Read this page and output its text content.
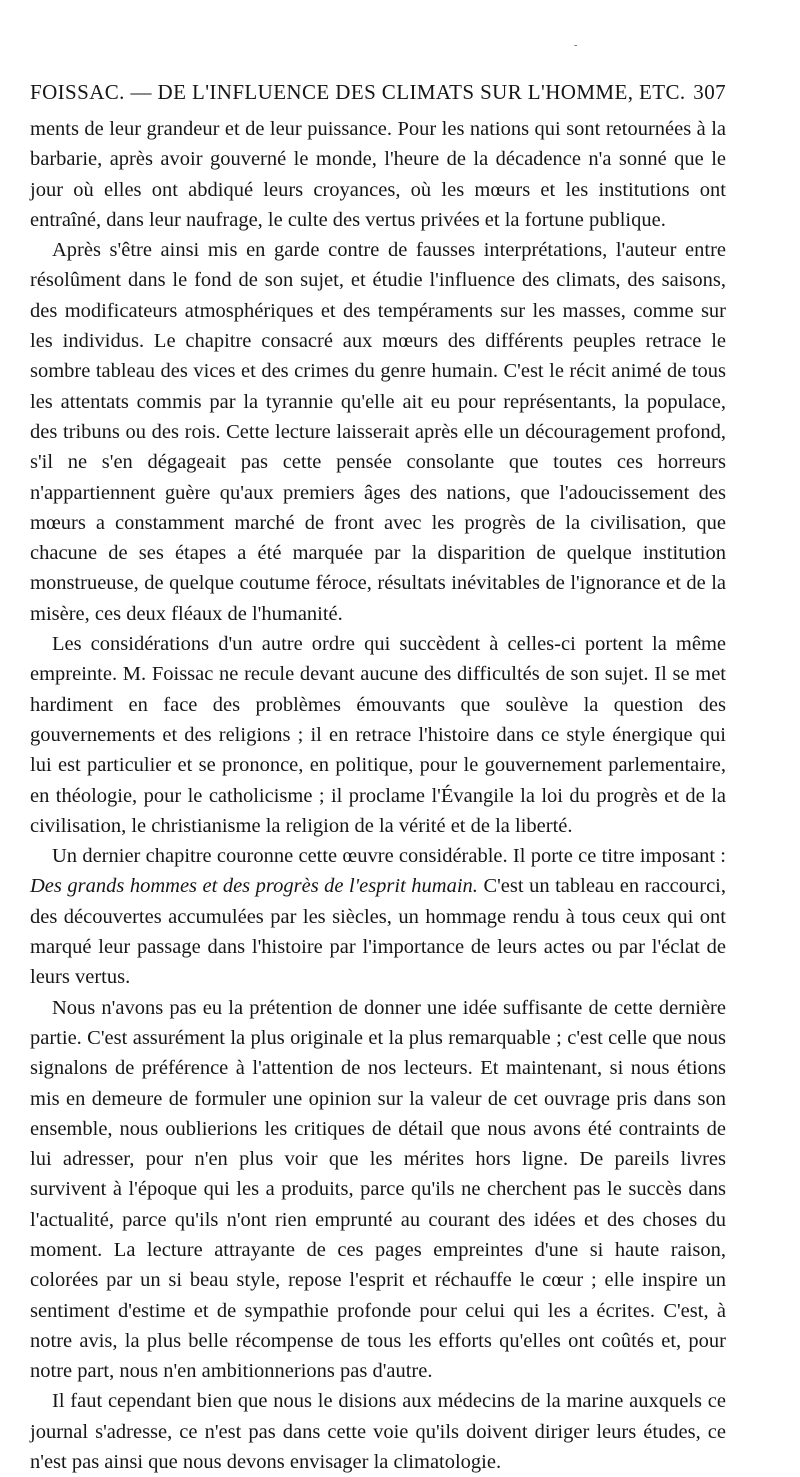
-
FOISSAC. — DE L'INFLUENCE DES CLIMATS SUR L'HOMME, ETC. 307

ments de leur grandeur et de leur puissance. Pour les nations qui sont retournées à la barbarie, après avoir gouverné le monde, l'heure de la décadence n'a sonné que le jour où elles ont abdiqué leurs croyances, où les mœurs et les institutions ont entraîné, dans leur naufrage, le culte des vertus privées et la fortune publique.

Après s'être ainsi mis en garde contre de fausses interprétations, l'auteur entre résolûment dans le fond de son sujet, et étudie l'influence des climats, des saisons, des modificateurs atmosphériques et des tempéraments sur les masses, comme sur les individus. Le chapitre consacré aux mœurs des différents peuples retrace le sombre tableau des vices et des crimes du genre humain. C'est le récit animé de tous les attentats commis par la tyrannie qu'elle ait eu pour représentants, la populace, des tribuns ou des rois. Cette lecture laisserait après elle un découragement profond, s'il ne s'en dégageait pas cette pensée consolante que toutes ces horreurs n'appartiennent guère qu'aux premiers âges des nations, que l'adoucissement des mœurs a constamment marché de front avec les progrès de la civilisation, que chacune de ses étapes a été marquée par la disparition de quelque institution monstrueuse, de quelque coutume féroce, résultats inévitables de l'ignorance et de la misère, ces deux fléaux de l'humanité.

Les considérations d'un autre ordre qui succèdent à celles-ci portent la même empreinte. M. Foissac ne recule devant aucune des difficultés de son sujet. Il se met hardiment en face des problèmes émouvants que soulève la question des gouvernements et des religions ; il en retrace l'histoire dans ce style énergique qui lui est particulier et se prononce, en politique, pour le gouvernement parlementaire, en théologie, pour le catholicisme ; il proclame l'Évangile la loi du progrès et de la civilisation, le christianisme la religion de la vérité et de la liberté.

Un dernier chapitre couronne cette œuvre considérable. Il porte ce titre imposant : Des grands hommes et des progrès de l'esprit humain. C'est un tableau en raccourci, des découvertes accumulées par les siècles, un hommage rendu à tous ceux qui ont marqué leur passage dans l'histoire par l'importance de leurs actes ou par l'éclat de leurs vertus.

Nous n'avons pas eu la prétention de donner une idée suffisante de cette dernière partie. C'est assurément la plus originale et la plus remarquable ; c'est celle que nous signalons de préférence à l'attention de nos lecteurs. Et maintenant, si nous étions mis en demeure de formuler une opinion sur la valeur de cet ouvrage pris dans son ensemble, nous oublierions les critiques de détail que nous avons été contraints de lui adresser, pour n'en plus voir que les mérites hors ligne. De pareils livres survivent à l'époque qui les a produits, parce qu'ils ne cherchent pas le succès dans l'actualité, parce qu'ils n'ont rien emprunté au courant des idées et des choses du moment. La lecture attrayante de ces pages empreintes d'une si haute raison, colorées par un si beau style, repose l'esprit et réchauffe le cœur ; elle inspire un sentiment d'estime et de sympathie profonde pour celui qui les a écrites. C'est, à notre avis, la plus belle récompense de tous les efforts qu'elles ont coûtés et, pour notre part, nous n'en ambitionnerions pas d'autre.

Il faut cependant bien que nous le disions aux médecins de la marine auxquels ce journal s'adresse, ce n'est pas dans cette voie qu'ils doivent diriger leurs études, ce n'est pas ainsi que nous devons envisager la climatologie.
